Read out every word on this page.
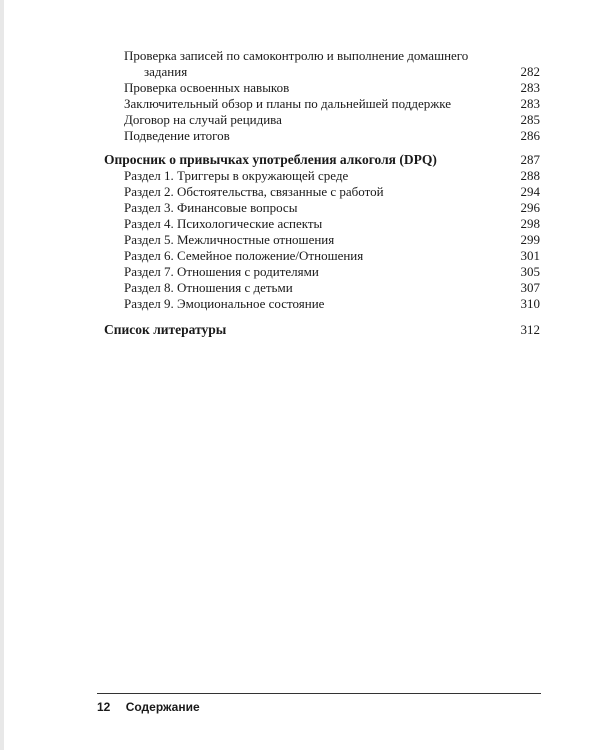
Проверка записей по самоконтролю и выполнение домашнего
задания	282
Проверка освоенных навыков	283
Заключительный обзор и планы по дальнейшей поддержке	283
Договор на случай рецидива	285
Подведение итогов	286
Опросник о привычках употребления алкоголя (DPQ)	287
Раздел 1. Триггеры в окружающей среде	288
Раздел 2. Обстоятельства, связанные с работой	294
Раздел 3. Финансовые вопросы	296
Раздел 4. Психологические аспекты	298
Раздел 5. Межличностные отношения	299
Раздел 6. Семейное положение/Отношения	301
Раздел 7. Отношения с родителями	305
Раздел 8. Отношения с детьми	307
Раздел 9. Эмоциональное состояние	310
Список литературы	312
12 Содержание
